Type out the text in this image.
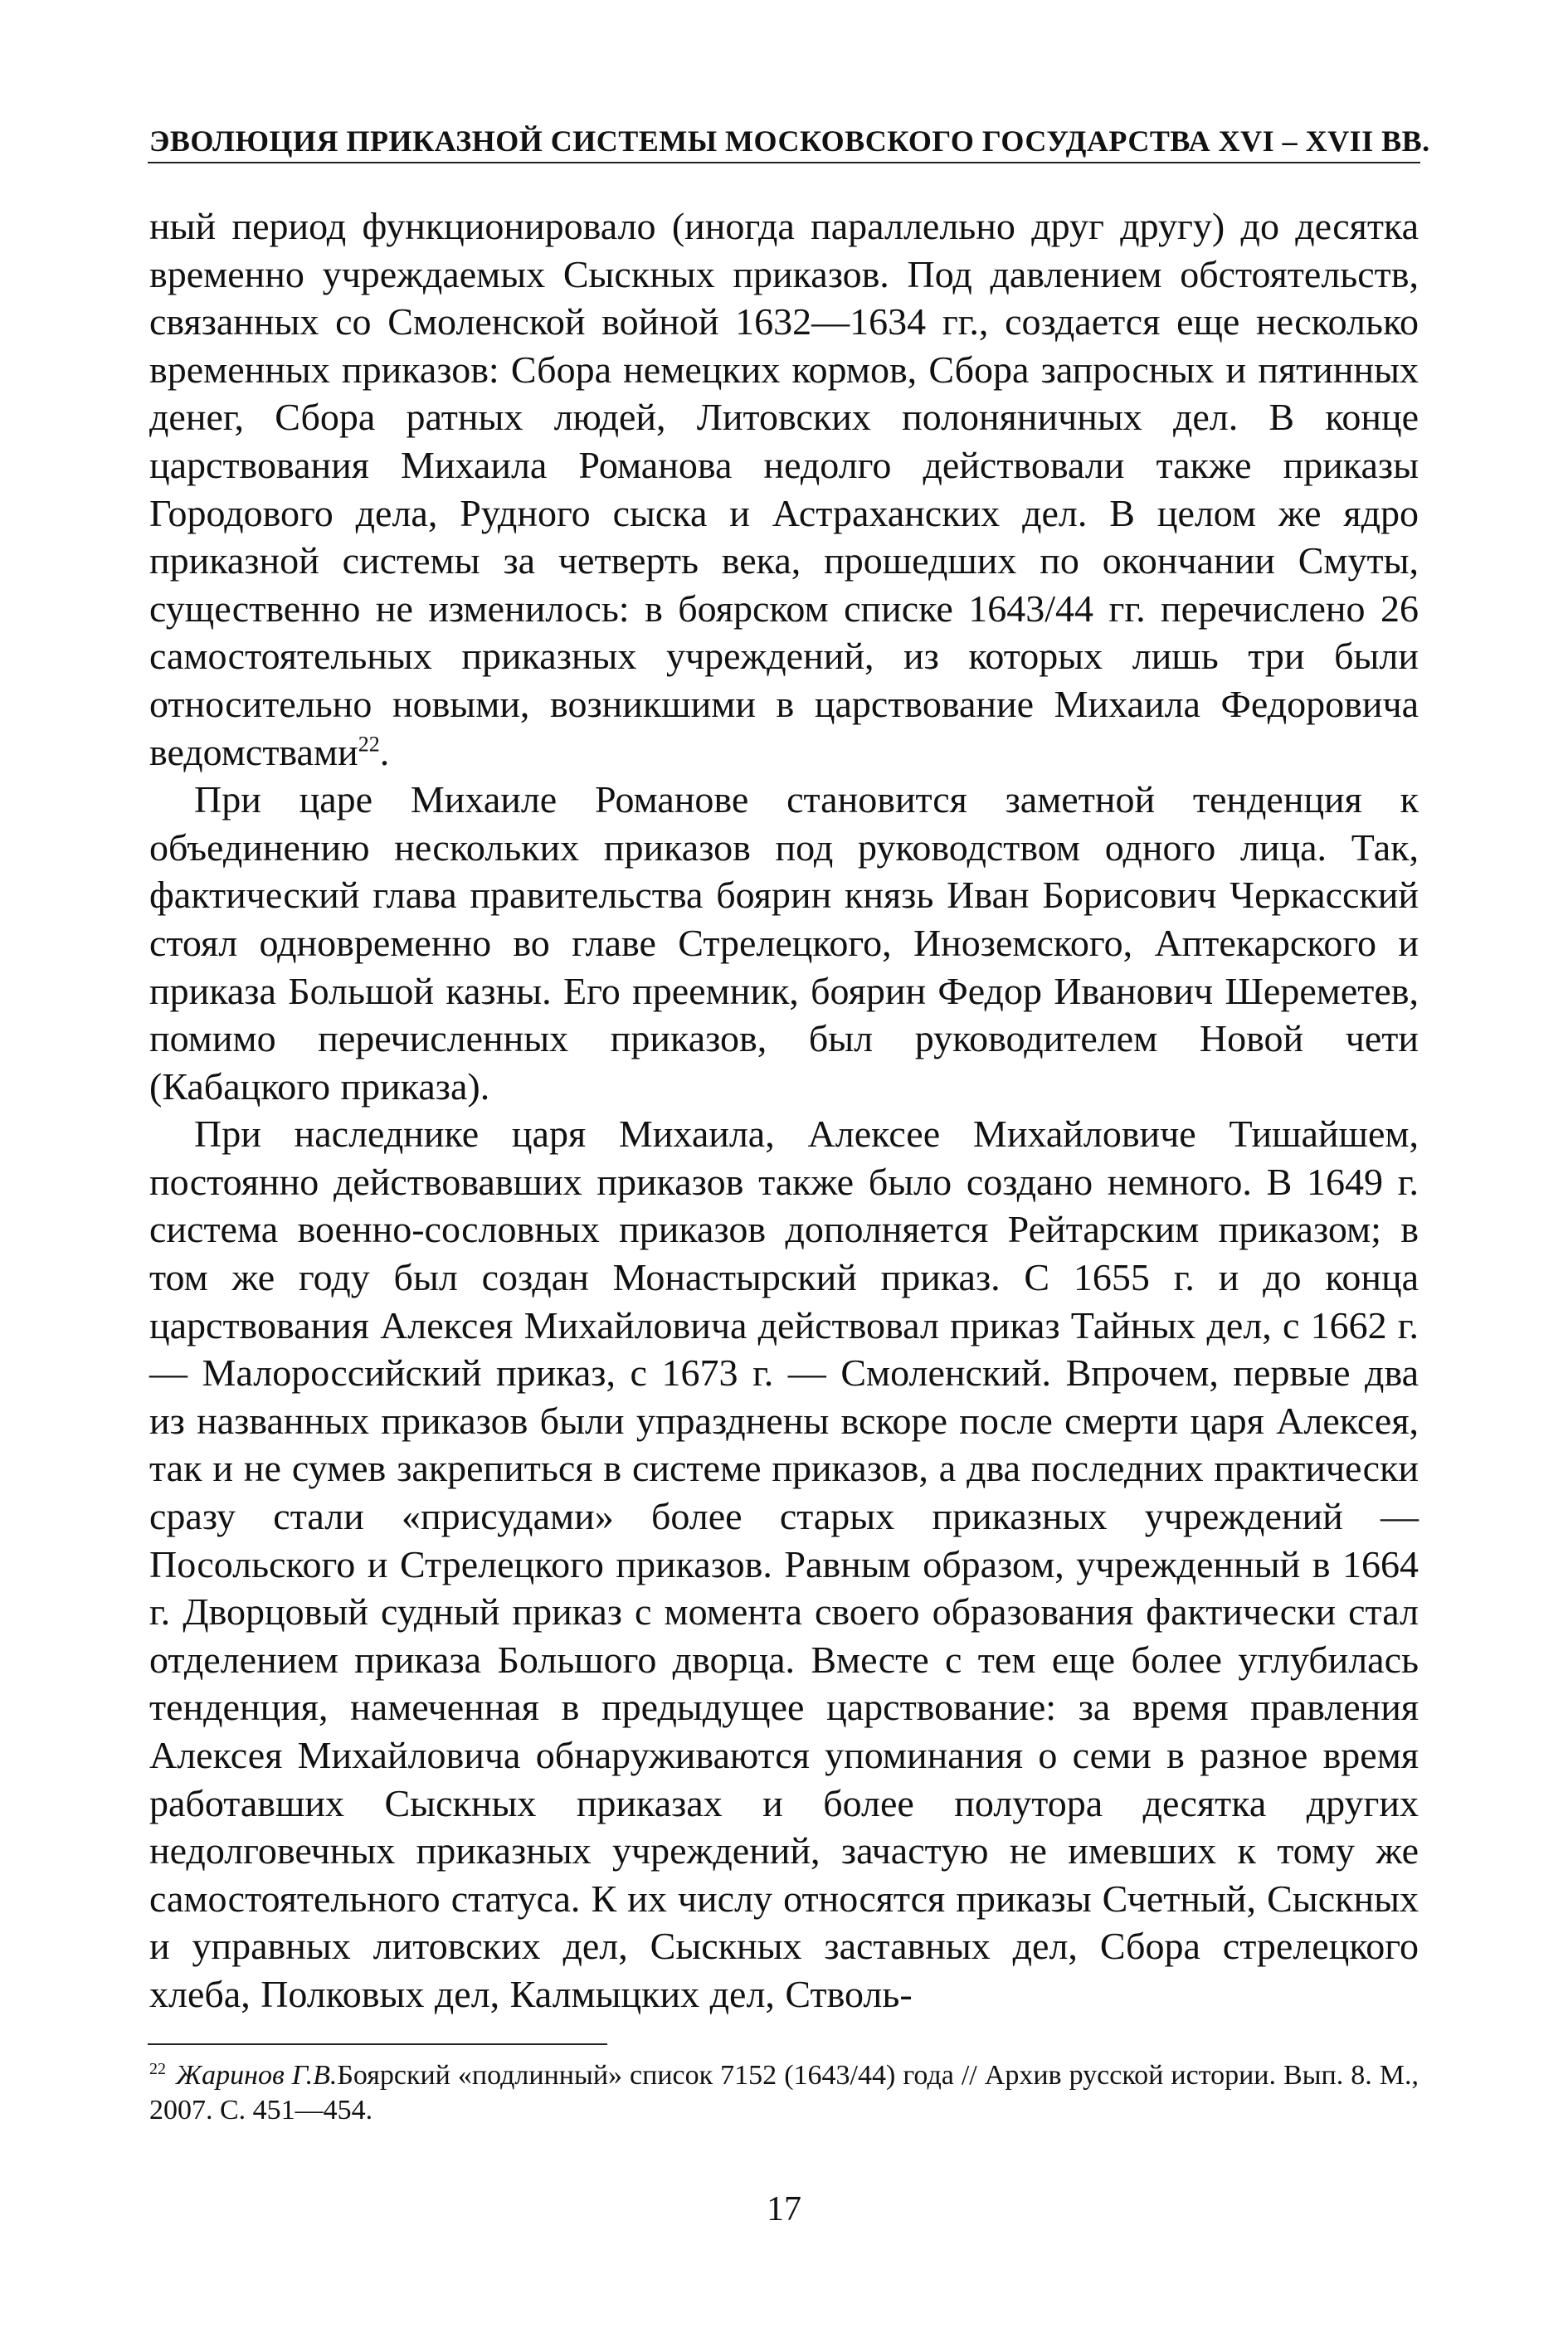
ЭВОЛЮЦИЯ ПРИКАЗНОЙ СИСТЕМЫ МОСКОВСКОГО ГОСУДАРСТВА XVI – XVII ВВ.

ный период функционировало (иногда параллельно друг другу) до десятка временно учреждаемых Сыскных приказов. Под давлением обстоятельств, связанных со Смоленской войной 1632—1634 гг., создается еще несколько временных приказов: Сбора немецких кормов, Сбора запросных и пятинных денег, Сбора ратных людей, Литовских полоняничных дел. В конце царствования Михаила Романова недолго действовали также приказы Городового дела, Рудного сыска и Астраханских дел. В целом же ядро приказной системы за четверть века, прошедших по окончании Смуты, существенно не изменилось: в боярском списке 1643/44 гг. перечислено 26 самостоятельных приказных учреждений, из которых лишь три были относительно новыми, возникшими в царствование Михаила Федоровича ведомствами$^{22}$.

При царе Михаиле Романове становится заметной тенденция к объединению нескольких приказов под руководством одного лица. Так, фактический глава правительства боярин князь Иван Борисович Черкасский стоял одновременно во главе Стрелецкого, Иноземского, Аптекарского и приказа Большой казны. Его преемник, боярин Федор Иванович Шереметев, помимо перечисленных приказов, был руководителем Новой чети (Кабацкого приказа).

При наследнике царя Михаила, Алексее Михайловиче Тишайшем, постоянно действовавших приказов также было создано немного. В 1649 г. система военно-сословных приказов дополняется Рейтарским приказом; в том же году был создан Монастырский приказ. С 1655 г. и до конца царствования Алексея Михайловича действовал приказ Тайных дел, с 1662 г. — Малороссийский приказ, с 1673 г. — Смоленский. Впрочем, первые два из названных приказов были упразднены вскоре после смерти царя Алексея, так и не сумев закрепиться в системе приказов, а два последних практически сразу стали «присудами» более старых приказных учреждений — Посольского и Стрелецкого приказов. Равным образом, учрежденный в 1664 г. Дворцовый судный приказ с момента своего образования фактически стал отделением приказа Большого дворца. Вместе с тем еще более углубилась тенденция, намеченная в предыдущее царствование: за время правления Алексея Михайловича обнаруживаются упоминания о семи в разное время работавших Сыскных приказах и более полутора десятка других недолговечных приказных учреждений, зачастую не имевших к тому же самостоятельного статуса. К их числу относятся приказы Счетный, Сыскных и управных литовских дел, Сыскных заставных дел, Сбора стрелецкого хлеба, Полковых дел, Калмыцких дел, Стволь-

$^{22}$ Жаринов Г.В.Боярский «подлинный» список 7152 (1643/44) года // Архив русской истории. Вып. 8. М., 2007. С. 451—454.
17
